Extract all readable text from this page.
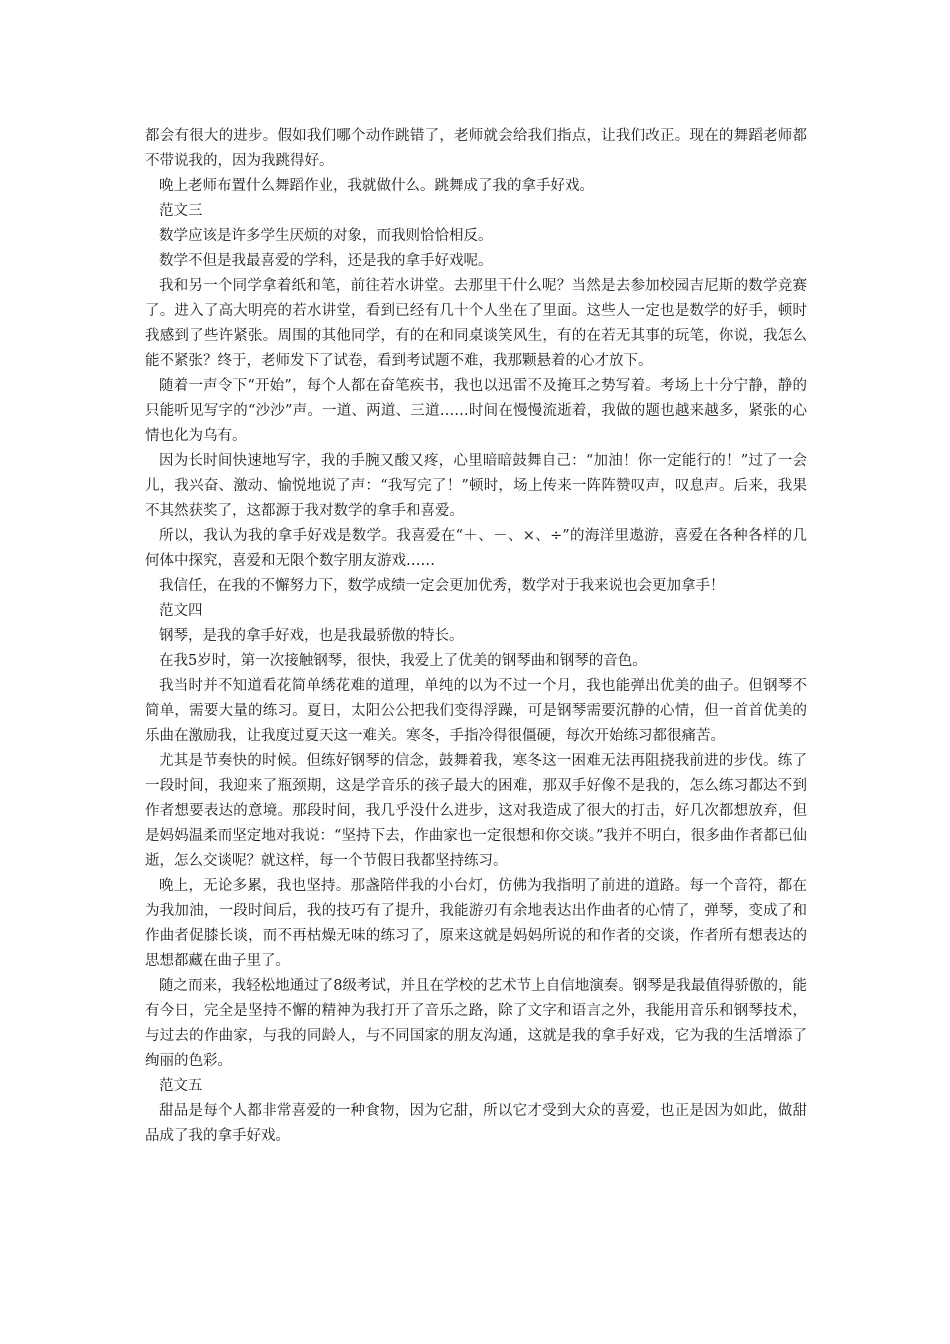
都会有很大的进步。假如我们哪个动作跳错了，老师就会给我们指点，让我们改正。现在的舞蹈老师都不带说我的，因为我跳得好。

晚上老师布置什么舞蹈作业，我就做什么。跳舞成了我的拿手好戏。

范文三

数学应该是许多学生厌烦的对象，而我则恰恰相反。

数学不但是我最喜爱的学科，还是我的拿手好戏呢。

我和另一个同学拿着纸和笔，前往若水讲堂。去那里干什么呢？当然是去参加校园吉尼斯的数学竞赛了。进入了高大明亮的若水讲堂，看到已经有几十个人坐在了里面。这些人一定也是数学的好手，顿时我感到了些许紧张。周围的其他同学，有的在和同桌谈笑风生，有的在若无其事的玩笔，你说，我怎么能不紧张？终于，老师发下了试卷，看到考试题不难，我那颗悬着的心才放下。

随着一声令下“开始”，每个人都在奋笔疾书，我也以迅雷不及掩耳之势写着。考场上十分宁静，静的只能听见写字的“沙沙”声。一道、两道、三道……时间在慢慢流逝着，我做的题也越来越多，紧张的心情也化为乌有。

因为长时间快速地写字，我的手腕又酸又疼，心里暗暗鼓舞自己：“加油！你一定能行的！”过了一会儿，我兴奋、激动、愉悦地说了声：“我写完了！”顿时，场上传来一阵阵赞叹声，叹息声。后来，我果不其然获奖了，这都源于我对数学的拿手和喜爱。

所以，我认为我的拿手好戏是数学。我喜爱在“＋、－、×、÷”的海洋里遨游，喜爱在各种各样的几何体中探究，喜爱和无限个数字朋友游戏……

我信任，在我的不懈努力下，数学成绩一定会更加优秀，数学对于我来说也会更加拿手！

范文四

钢琴，是我的拿手好戏，也是我最骄傲的特长。

在我5岁时，第一次接触钢琴，很快，我爱上了优美的钢琴曲和钢琴的音色。

我当时并不知道看花简单绣花难的道理，单纯的以为不过一个月，我也能弹出优美的曲子。但钢琴不简单，需要大量的练习。夏日，太阳公公把我们变得浮躁，可是钢琴需要沉静的心情，但一首首优美的乐曲在激励我，让我度过夏天这一难关。寒冬，手指冷得很僵硬，每次开始练习都很痛苦。

尤其是节奏快的时候。但练好钢琴的信念，鼓舞着我，寒冬这一困难无法再阻挠我前进的步伐。练了一段时间，我迎来了瓶颈期，这是学音乐的孩子最大的困难，那双手好像不是我的，怎么练习都达不到作者想要表达的意境。那段时间，我几乎没什么进步，这对我造成了很大的打击，好几次都想放弃，但是妈妈温柔而坚定地对我说：“坚持下去，作曲家也一定很想和你交谈。”我并不明白，很多曲作者都已仙逝，怎么交谈呢？就这样，每一个节假日我都坚持练习。

晚上，无论多累，我也坚持。那盏陪伴我的小台灯，仿佛为我指明了前进的道路。每一个音符，都在为我加油，一段时间后，我的技巧有了提升，我能游刃有余地表达出作曲者的心情了，弹琴，变成了和作曲者促膝长谈，而不再枯燥无味的练习了，原来这就是妈妈所说的和作者的交谈，作者所有想表达的思想都藏在曲子里了。

随之而来，我轻松地通过了8级考试，并且在学校的艺术节上自信地演奏。钢琴是我最值得骄傲的，能有今日，完全是坚持不懈的精神为我打开了音乐之路，除了文字和语言之外，我能用音乐和钢琴技术，与过去的作曲家，与我的同龄人，与不同国家的朋友沟通，这就是我的拿手好戏，它为我的生活增添了绚丽的色彩。

范文五

甜品是每个人都非常喜爱的一种食物，因为它甜，所以它才受到大众的喜爱，也正是因为如此，做甜品成了我的拿手好戏。
